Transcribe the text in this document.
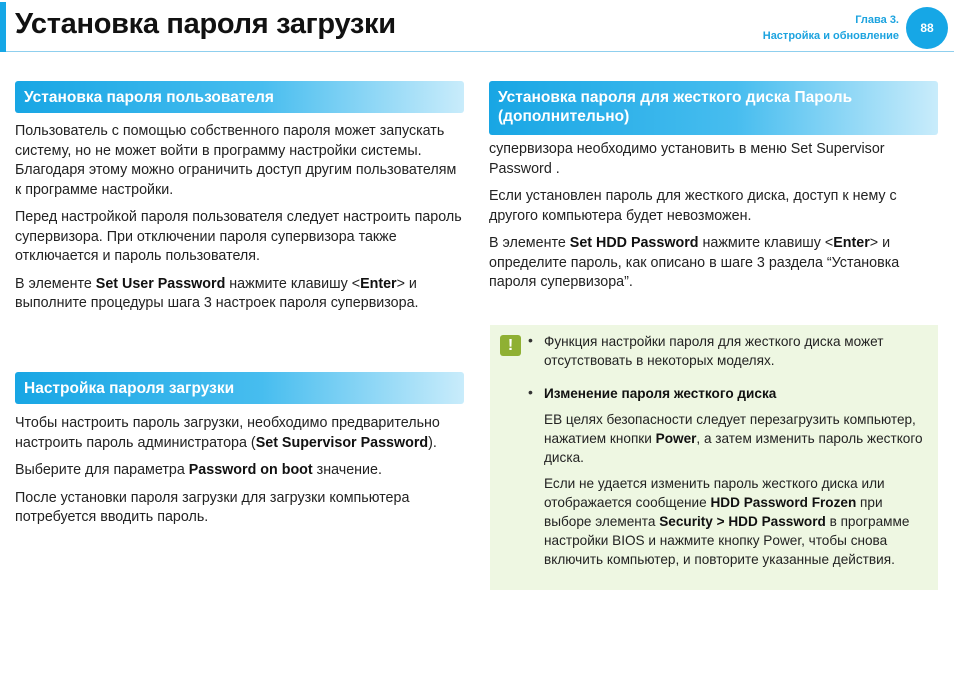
Установка пароля загрузки	Глава 3.
Настройка и обновление
88
Установка пароля пользователя

Пользователь с помощью собственного пароля может запускать систему, но не может войти в программу настройки системы. Благодаря этому можно ограничить доступ другим пользователям к программе настройки.

Перед настройкой пароля пользователя следует настроить пароль супервизора. При отключении пароля супервизора также отключается и пароль пользователя.

В элементе Set User Password нажмите клавишу <Enter> и выполните процедуры шага 3 настроек пароля супервизора.

Настройка пароля загрузки

Чтобы настроить пароль загрузки, необходимо предварительно настроить пароль администратора (Set Supervisor Password).

Выберите для параметра Password on boot значение.

После установки пароля загрузки для загрузки компьютера потребуется вводить пароль.

Установка пароля для жесткого диска Пароль (дополнительно)

супервизора необходимо установить в меню Set Supervisor Password .

Если установлен пароль для жесткого диска, доступ к нему с другого компьютера будет невозможен.

В элементе Set HDD Password нажмите клавишу <Enter> и определите пароль, как описано в шаге 3 раздела “Установка пароля супервизора”.

!	• Функция настройки пароля для жесткого диска может отсутствовать в некоторых моделях.
• Изменение пароля жесткого диска

ЕВ целях безопасности следует перезагрузить компьютер, нажатием кнопки Power, а затем изменить пароль жесткого диска.

Если не удается изменить пароль жесткого диска или отображается сообщение HDD Password Frozen при выборе элемента Security > HDD Password в программе настройки BIOS и нажмите кнопку Power, чтобы снова включить компьютер, и повторите указанные действия.
